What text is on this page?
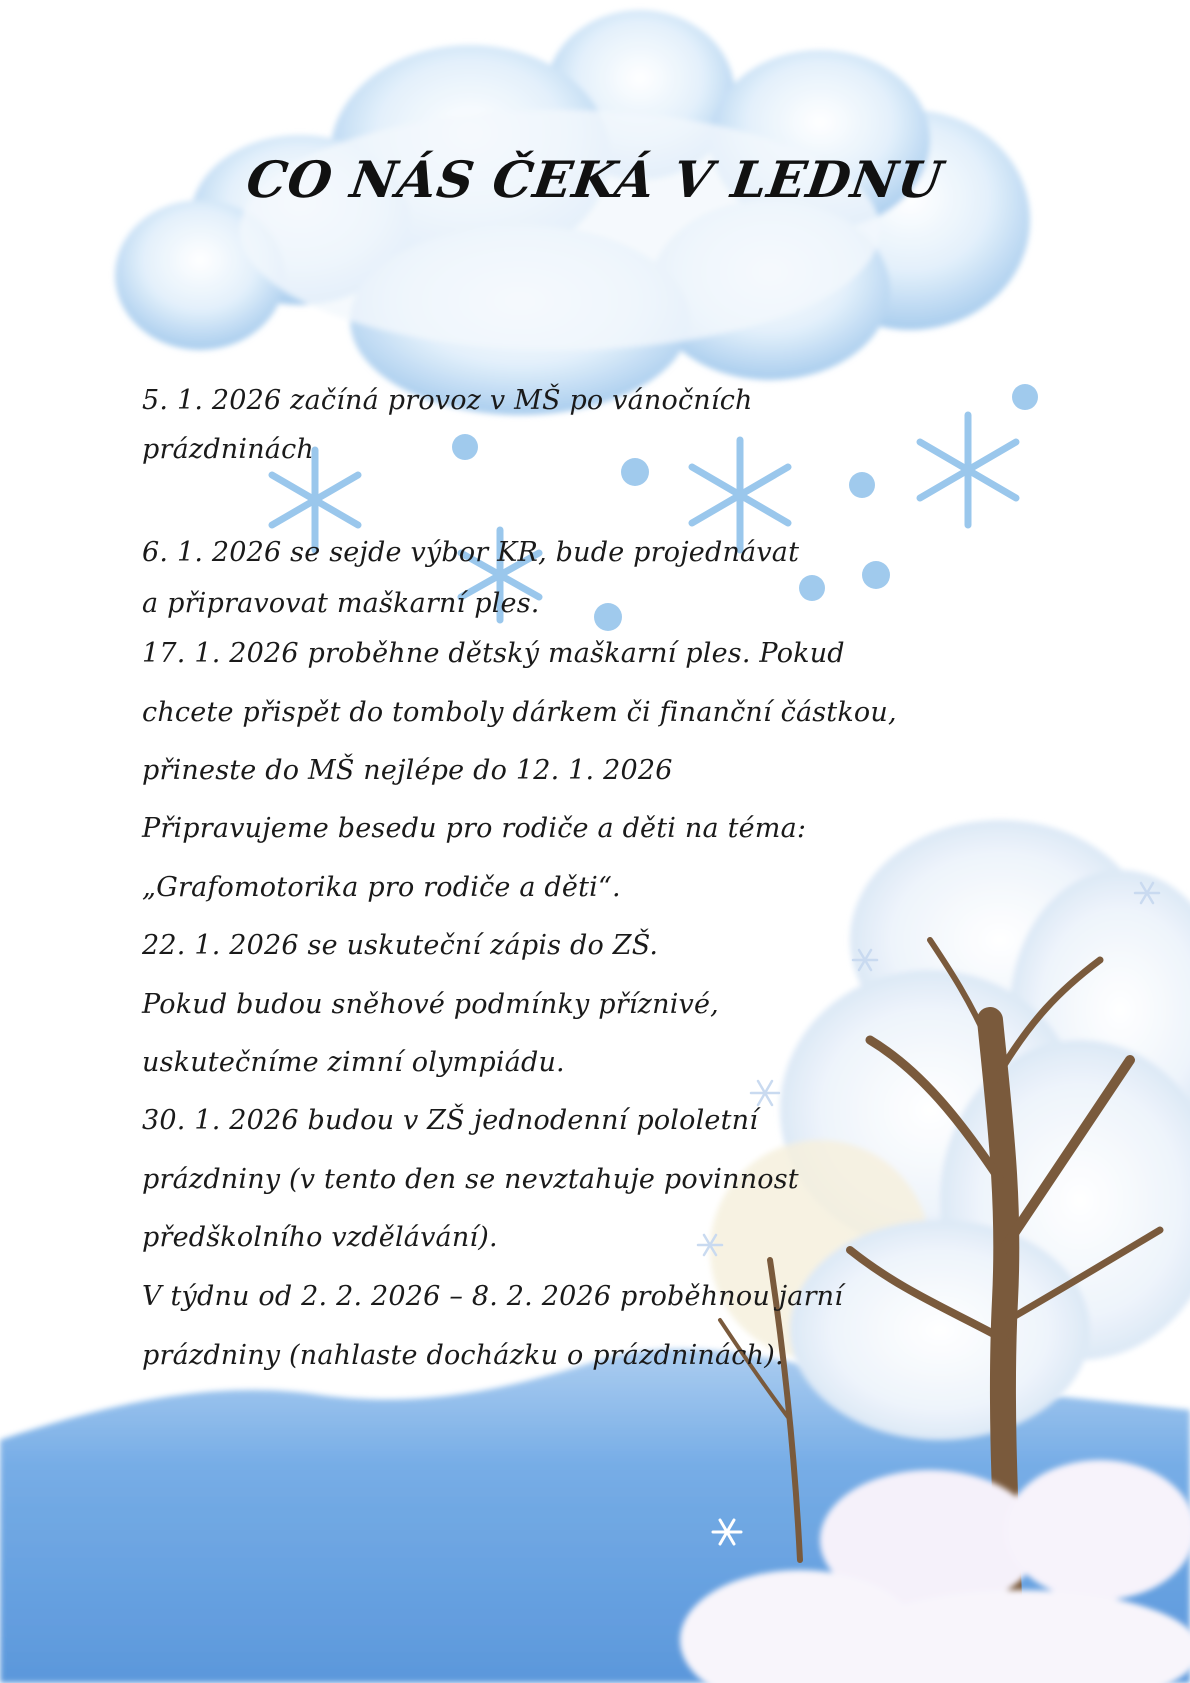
CO NÁS ČEKÁ V LEDNU

5. 1. 2026 začíná provoz v MŠ po vánočních

prázdninách

6. 1. 2026 se sejde výbor KR, bude projednávat

a připravovat maškarní ples.

17. 1. 2026 proběhne dětský maškarní ples. Pokud

chcete přispět do tomboly dárkem či finanční částkou,

přineste do MŠ nejlépe do 12. 1. 2026

Připravujeme besedu pro rodiče a děti na téma:

„Grafomotorika pro rodiče a děti“.

22. 1. 2026 se uskuteční zápis do ZŠ.

Pokud budou sněhové podmínky příznivé,

uskutečníme zimní olympiádu.

30. 1. 2026 budou v ZŠ jednodenní pololetní

prázdniny (v tento den se nevztahuje povinnost

předškolního vzdělávání).

V týdnu od 2. 2. 2026 – 8. 2. 2026 proběhnou jarní

prázdniny (nahlaste docházku o prázdninách).
